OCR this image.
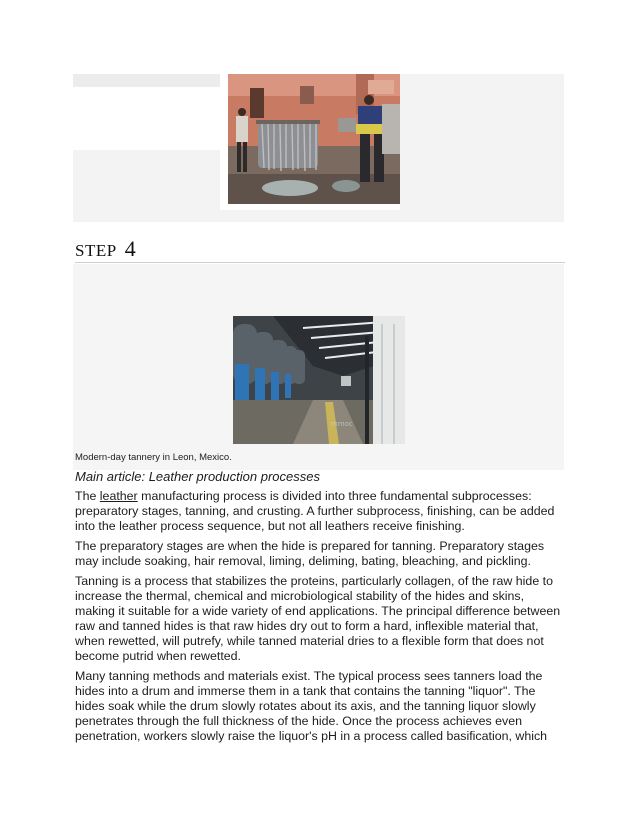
STEP 4
mmoc
Modern-day tannery in Leon, Mexico.
Main article: Leather production processes

The leather manufacturing process is divided into three fundamental subprocesses: preparatory stages, tanning, and crusting. A further subprocess, finishing, can be added into the leather process sequence, but not all leathers receive finishing.

The preparatory stages are when the hide is prepared for tanning. Preparatory stages may include soaking, hair removal, liming, deliming, bating, bleaching, and pickling.

Tanning is a process that stabilizes the proteins, particularly collagen, of the raw hide to increase the thermal, chemical and microbiological stability of the hides and skins, making it suitable for a wide variety of end applications. The principal difference between raw and tanned hides is that raw hides dry out to form a hard, inflexible material that, when rewetted, will putrefy, while tanned material dries to a flexible form that does not become putrid when rewetted.

Many tanning methods and materials exist. The typical process sees tanners load the hides into a drum and immerse them in a tank that contains the tanning "liquor". The hides soak while the drum slowly rotates about its axis, and the tanning liquor slowly penetrates through the full thickness of the hide. Once the process achieves even penetration, workers slowly raise the liquor's pH in a process called basification, which
